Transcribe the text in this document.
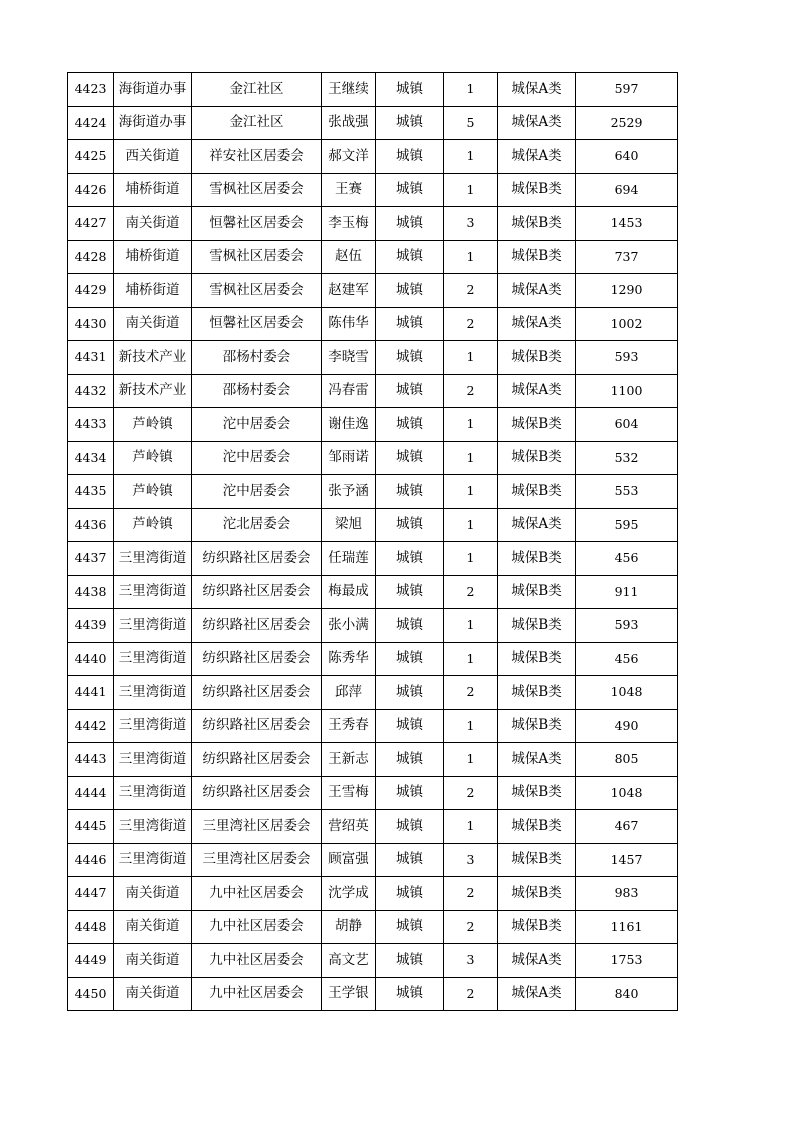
4423	海街道办事	金江社区	王继续	城镇	1	城保A类	597
4424	海街道办事	金江社区	张战强	城镇	5	城保A类	2529
4425	西关街道	祥安社区居委会	郝文洋	城镇	1	城保A类	640
4426	埔桥街道	雪枫社区居委会	王赛	城镇	1	城保B类	694
4427	南关街道	恒馨社区居委会	李玉梅	城镇	3	城保B类	1453
4428	埔桥街道	雪枫社区居委会	赵伍	城镇	1	城保B类	737
4429	埔桥街道	雪枫社区居委会	赵建军	城镇	2	城保A类	1290
4430	南关街道	恒馨社区居委会	陈伟华	城镇	2	城保A类	1002
4431	新技术产业	邵杨村委会	李晓雪	城镇	1	城保B类	593
4432	新技术产业	邵杨村委会	冯春雷	城镇	2	城保A类	1100
4433	芦岭镇	沱中居委会	谢佳逸	城镇	1	城保B类	604
4434	芦岭镇	沱中居委会	邹雨诺	城镇	1	城保B类	532
4435	芦岭镇	沱中居委会	张予涵	城镇	1	城保B类	553
4436	芦岭镇	沱北居委会	梁旭	城镇	1	城保A类	595
4437	三里湾街道	纺织路社区居委会	任瑞莲	城镇	1	城保B类	456
4438	三里湾街道	纺织路社区居委会	梅最成	城镇	2	城保B类	911
4439	三里湾街道	纺织路社区居委会	张小满	城镇	1	城保B类	593
4440	三里湾街道	纺织路社区居委会	陈秀华	城镇	1	城保B类	456
4441	三里湾街道	纺织路社区居委会	邱萍	城镇	2	城保B类	1048
4442	三里湾街道	纺织路社区居委会	王秀春	城镇	1	城保B类	490
4443	三里湾街道	纺织路社区居委会	王新志	城镇	1	城保A类	805
4444	三里湾街道	纺织路社区居委会	王雪梅	城镇	2	城保B类	1048
4445	三里湾街道	三里湾社区居委会	营绍英	城镇	1	城保B类	467
4446	三里湾街道	三里湾社区居委会	顾富强	城镇	3	城保B类	1457
4447	南关街道	九中社区居委会	沈学成	城镇	2	城保B类	983
4448	南关街道	九中社区居委会	胡静	城镇	2	城保B类	1161
4449	南关街道	九中社区居委会	高文艺	城镇	3	城保A类	1753
4450	南关街道	九中社区居委会	王学银	城镇	2	城保A类	840
